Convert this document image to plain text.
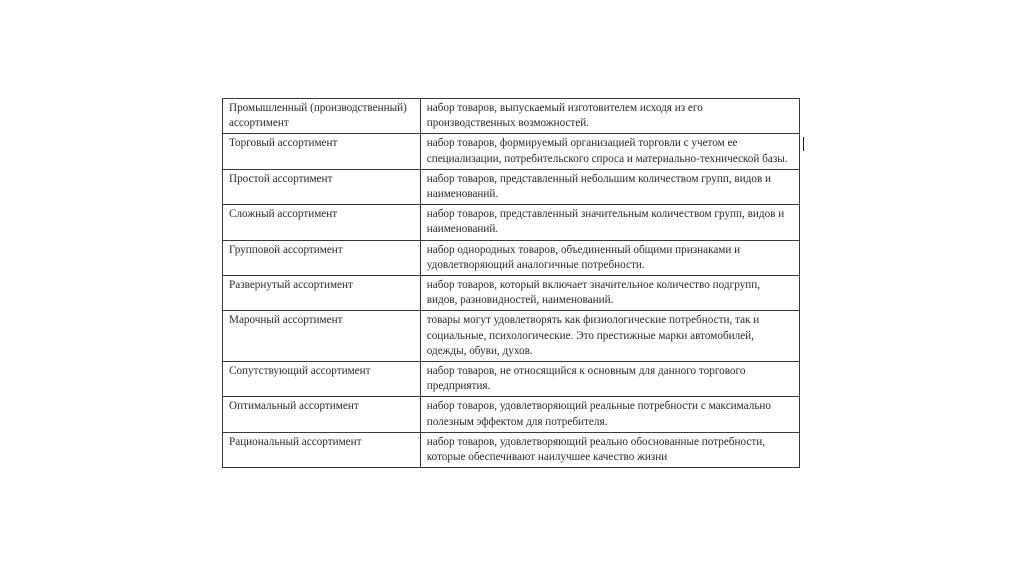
Промышленный (производственный) ассортимент	набор товаров, выпускаемый изготовителем исходя из его производственных возможностей.
Торговый ассортимент	набор товаров, формируемый организацией торговли с учетом ее специализации, потребительского спроса и материально-технической базы.
Простой ассортимент	набор товаров, представленный небольшим количеством групп, видов и наименований.
Сложный ассортимент	набор товаров, представленный значительным количеством групп, видов и наименований.
Групповой ассортимент	набор однородных товаров, объединенный общими признаками и удовлетворяющий аналогичные потребности.
Развернутый ассортимент	набор товаров, который включает значительное количество подгрупп, видов, разновидностей, наименований.
Марочный ассортимент	товары могут удовлетворять как физиологические потребности, так и социальные, психологические. Это престижные марки автомобилей, одежды, обуви, духов.
Сопутствующий ассортимент	набор товаров, не относящийся к основным для данного торгового предприятия.
Оптимальный ассортимент	набор товаров, удовлетворяющий реальные потребности с максимально полезным эффектом для потребителя.
Рациональный ассортимент	набор товаров, удовлетворяющий реально обоснованные потребности, которые обеспечивают наилучшее качество жизни
